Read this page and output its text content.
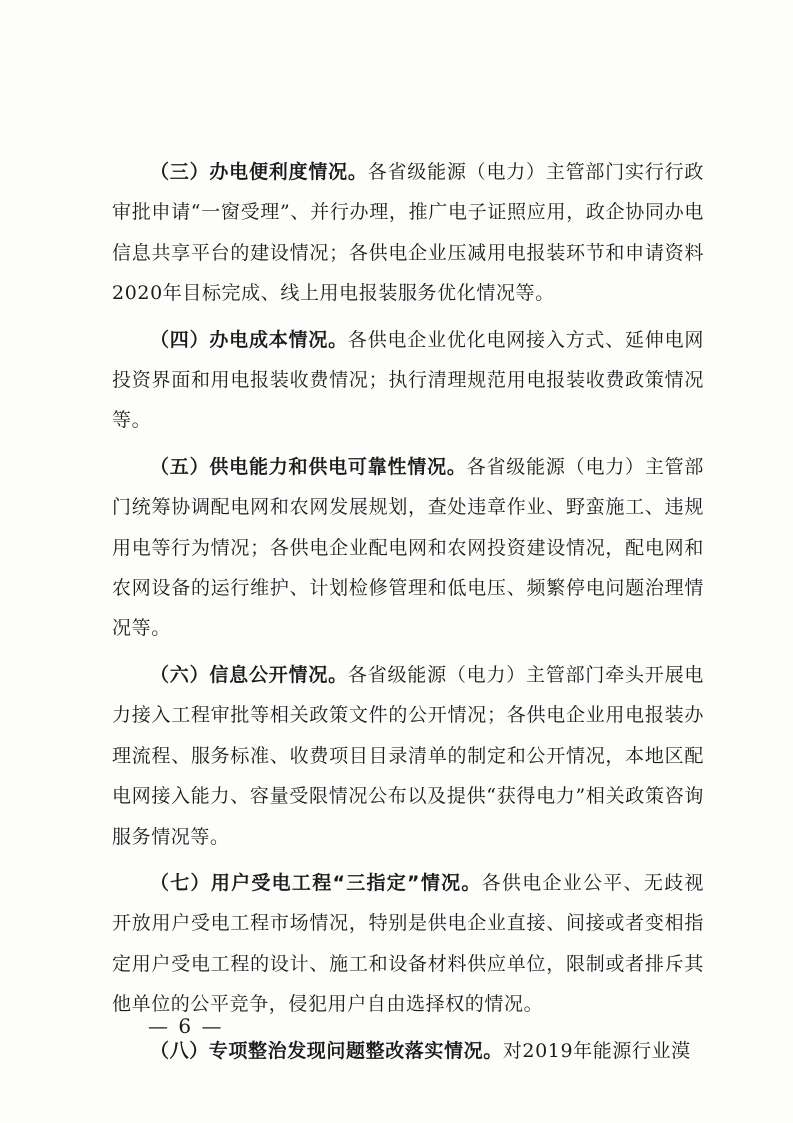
（三）办电便利度情况。各省级能源（电力）主管部门实行行政审批申请“一窗受理”、并行办理，推广电子证照应用，政企协同办电信息共享平台的建设情况；各供电企业压减用电报装环节和申请资料2020年目标完成、线上用电报装服务优化情况等。

（四）办电成本情况。各供电企业优化电网接入方式、延伸电网投资界面和用电报装收费情况；执行清理规范用电报装收费政策情况等。

（五）供电能力和供电可靠性情况。各省级能源（电力）主管部门统筹协调配电网和农网发展规划，查处违章作业、野蛮施工、违规用电等行为情况；各供电企业配电网和农网投资建设情况，配电网和农网设备的运行维护、计划检修管理和低电压、频繁停电问题治理情况等。

（六）信息公开情况。各省级能源（电力）主管部门牵头开展电力接入工程审批等相关政策文件的公开情况；各供电企业用电报装办理流程、服务标准、收费项目目录清单的制定和公开情况，本地区配电网接入能力、容量受限情况公布以及提供“获得电力”相关政策咨询服务情况等。

（七）用户受电工程“三指定”情况。各供电企业公平、无歧视开放用户受电工程市场情况，特别是供电企业直接、间接或者变相指定用户受电工程的设计、施工和设备材料供应单位，限制或者排斥其他单位的公平竞争，侵犯用户自由选择权的情况。

（八）专项整治发现问题整改落实情况。对2019年能源行业漠

— 6 —
